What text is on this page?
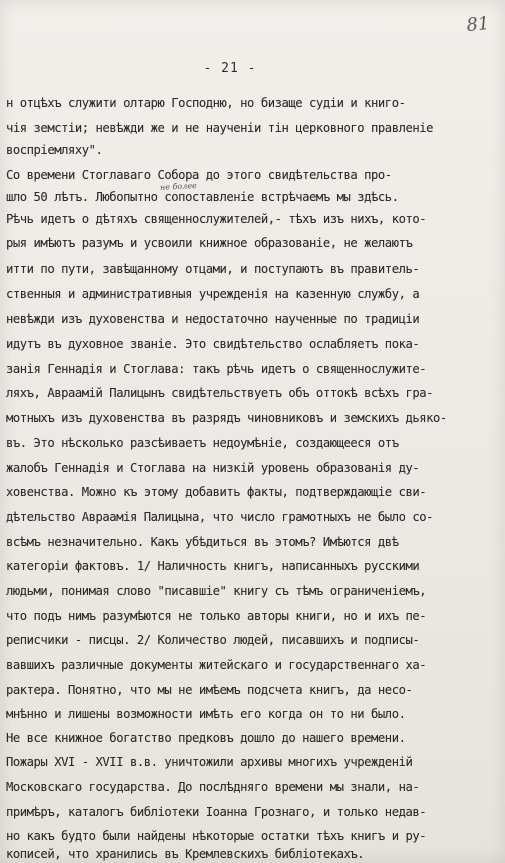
81
- 21 -
не более
н отцѣхъ служити олтарю Господню, но бизаще судіи и книго-
чія земстіи; невѣжди же и не наученіи тін церковного правленіе
воспріемляху".
Со времени Стоглаваго Собора до этого свидѣтельства про-
шло 50 лѣтъ. Любопытно сопоставленіе встрѣчаемъ мы здѣсь.
Рѣчь идетъ о дѣтяхъ священнослужителей,- тѣхъ изъ нихъ, кото-
рыя имѣютъ разумъ и усвоили книжное образованіе, не желаютъ
итти по пути, завѣщанному отцами, и поступаютъ въ правитель-
ственныя и административныя учрежденія на казенную службу, а
невѣжди изъ духовенства и недостаточно наученные по традиціи
идутъ въ духовное званіе. Это свидѣтельство ослабляетъ пока-
занія Геннадія и Стоглава: такъ рѣчь идетъ о священнослужите-
ляхъ, Авраамій Палицынъ свидѣтельствуетъ объ оттокѣ всѣхъ гра-
мотныхъ изъ духовенства въ разрядъ чиновниковъ и земскихъ дьяко-
въ. Это нѣсколько разсѣиваетъ недоумѣніе, создающееся отъ
жалобъ Геннадія и Стоглава на низкій уровень образованія ду-
ховенства. Можно къ этому добавить факты, подтверждающіе сви-
дѣтельство Авраамія Палицына, что число грамотныхъ не было со-
всѣмъ незначительно. Какъ убѣдиться въ этомъ? Имѣются двѣ
категоріи фактовъ. 1/ Наличность книгъ, написанныхъ русскими
людьми, понимая слово "писавшіе" книгу съ тѣмъ ограниченіемъ,
что подъ нимъ разумѣются не только авторы книги, но и ихъ пе-
реписчики - писцы. 2/ Количество людей, писавшихъ и подписы-
вавшихъ различные документы житейскаго и государственнаго ха-
рактера. Понятно, что мы не имѣемъ подсчета книгъ, да несо-
мнѣнно и лишены возможности имѣть его когда он то ни было.
Не все книжное богатство предковъ дошло до нашего времени.
Пожары XVI - XVII в.в. уничтожили архивы многихъ учрежденій
Московскаго государства. До послѣдняго времени мы знали, на-
примѣръ, каталогъ библіотеки Іоанна Грознаго, и только недав-
но какъ будто были найдены нѣкоторые остатки тѣхъ книгъ и ру-
кописей, что хранились въ Кремлевскихъ библіотекахъ.
